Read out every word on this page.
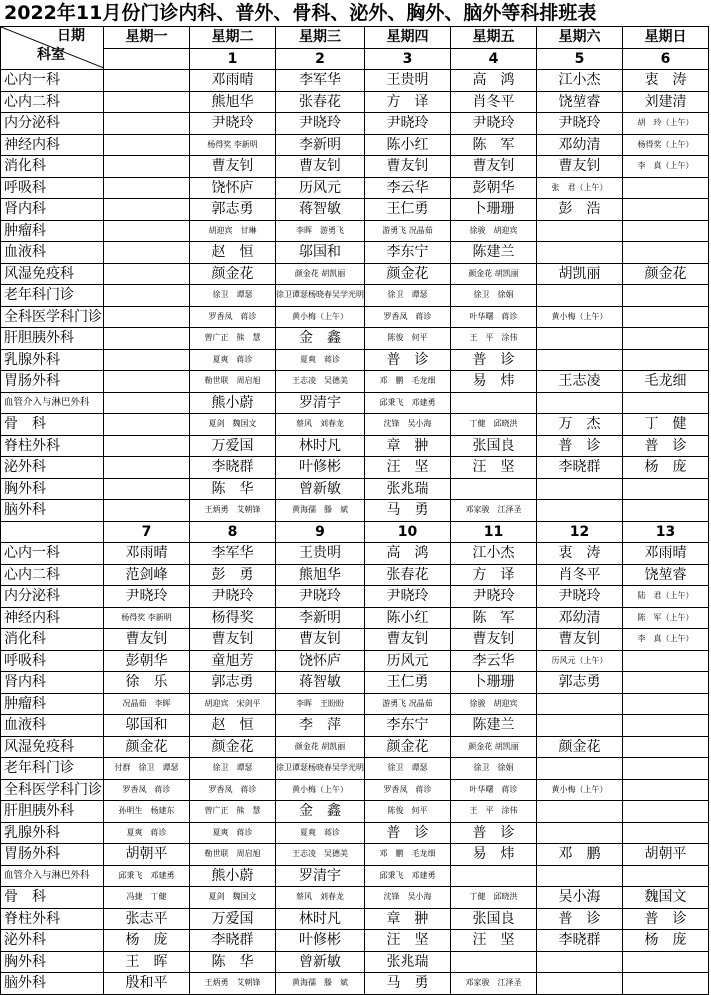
2022年11月份门诊内科、普外、骨科、泌外、胸外、脑外等科排班表
日期
科室	星期一	星期二	星期三	星期四	星期五	星期六	星期日
		1	2	3	4	5	6
心内一科		邓雨晴	李军华	王贵明	高　鸿	江小杰	衷　涛
心内二科		熊旭华	张春花	方　译	肖冬平	饶堃睿	刘建清
内分泌科		尹晓玲	尹晓玲	尹晓玲	尹晓玲	尹晓玲	胡　玲（上午）
神经内科		杨得奖 李新明	李新明	陈小红	陈　军	邓幼清	杨得奖（上午）
消化科		曹友钊	曹友钊	曹友钊	曹友钊	曹友钊	李　真（上午）
呼吸科		饶怀庐	历风元	李云华	彭朝华	张　君（上午）	
肾内科		郭志勇	蒋智敏	王仁勇	卜珊珊	彭　浩	
肿瘤科		胡迎宾　甘琳	李晖　游勇飞	游勇飞 况晶茹	徐骏　胡迎宾		
血液科		赵　恒	邬国和	李东宁	陈建兰		
风湿免疫科		颜金花	颜金花 胡凯丽	颜金花	颜金花 胡凯丽	胡凯丽	颜金花
老年科门诊		徐卫　谭瑟	徐卫谭瑟杨晓春吴学光明	徐卫　谭瑟	徐卫　徐娟		
全科医学科门诊		罗香凤　蒋诊	黄小梅（上午）	罗香凤　蒋诊	叶华曙　蒋诊	黄小梅（上午）	
肝胆胰外科		曾广正　熊　慧	金　鑫	陈俊　何平	王　平　涂伟		
乳腺外科		夏爽　蒋诊	夏爽　蒋诊	普　诊	普　诊		
胃肠外科		勒世联　周启旭	王志凌　吴德美	邓　鹏　毛龙细	易　炜	王志凌	毛龙细
血管介入与淋巴外科		熊小蔚	罗清宇	邱秉飞　邓建勇			
骨　科		夏剑　魏国文	蔡风　刘春龙	沈锋　吴小海	丁健　邱晓洪	万　杰	丁　健
脊柱外科		万爱国	林时凡	章　翀	张国良	普　诊	普　诊
泌外科		李晓群	叶修彬	汪　坚	汪　坚	李晓群	杨　庞
胸外科		陈　华	曾新敏	张兆瑞			
脑外科		王炳勇　艾朝锋	黄海孺　滕　斌	马　勇	邓家骏　江泽圣		
	7	8	9	10	11	12	13
心内一科	邓雨晴	李军华	王贵明	高　鸿	江小杰	衷　涛	邓雨晴
心内二科	范剑峰	彭　勇	熊旭华	张春花	方　译	肖冬平	饶堃睿
内分泌科	尹晓玲	尹晓玲	尹晓玲	尹晓玲	尹晓玲	尹晓玲	陆　君（上午）
神经内科	杨得奖 李新明	杨得奖	李新明	陈小红	陈　军	邓幼清	陈　军（上午）
消化科	曹友钊	曹友钊	曹友钊	曹友钊	曹友钊	曹友钊	李　真（上午）
呼吸科	彭朝华	童旭芳	饶怀庐	历风元	李云华	历风元（上午）	
肾内科	徐　乐	郭志勇	蒋智敏	王仁勇	卜珊珊	郭志勇	
肿瘤科	况晶茹　李晖	胡迎宾　宋剑平	李晖　王盼盼	游勇飞 况晶茹	徐骏　胡迎宾		
血液科	邬国和	赵　恒	李　萍	李东宁	陈建兰		
风湿免疫科	颜金花	颜金花	颜金花 胡凯丽	颜金花	颜金花 胡凯丽	颜金花	
老年科门诊	付群　徐卫　谭瑟	徐卫　谭瑟	徐卫谭瑟杨晓春吴学光明	徐卫　谭瑟	徐卫　徐娟		
全科医学科门诊	罗香凤　蒋诊	罗香凤　蒋诊	黄小梅（上午）	罗香凤　蒋诊	叶华曙　蒋诊	黄小梅（上午）	
肝胆胰外科	孙明生　杨建东	曾广正　熊　慧	金　鑫	陈俊　何平	王　平　涂伟		
乳腺外科	夏爽　蒋诊	夏爽　蒋诊	夏爽　蒋诊	普　诊	普　诊		
胃肠外科	胡朝平	勒世联　周启旭	王志凌　吴德美	邓　鹏　毛龙细	易　炜	邓　鹏	胡朝平
血管介入与淋巴外科	邱秉飞　邓建勇	熊小蔚	罗清宇	邱秉飞　邓建勇			
骨　科	冯捷　丁健	夏剑　魏国文	蔡风　刘春龙	沈锋　吴小海	丁健　邱晓洪	吴小海	魏国文
脊柱外科	张志平	万爱国	林时凡	章　翀	张国良	普　诊	普　诊
泌外科	杨　庞	李晓群	叶修彬	汪　坚	汪　坚	李晓群	杨　庞
胸外科	王　晖	陈　华	曾新敏	张兆瑞			
脑外科	殷和平	王炳勇　艾朝锋	黄海孺　滕　斌	马　勇	邓家骏　江泽圣		
